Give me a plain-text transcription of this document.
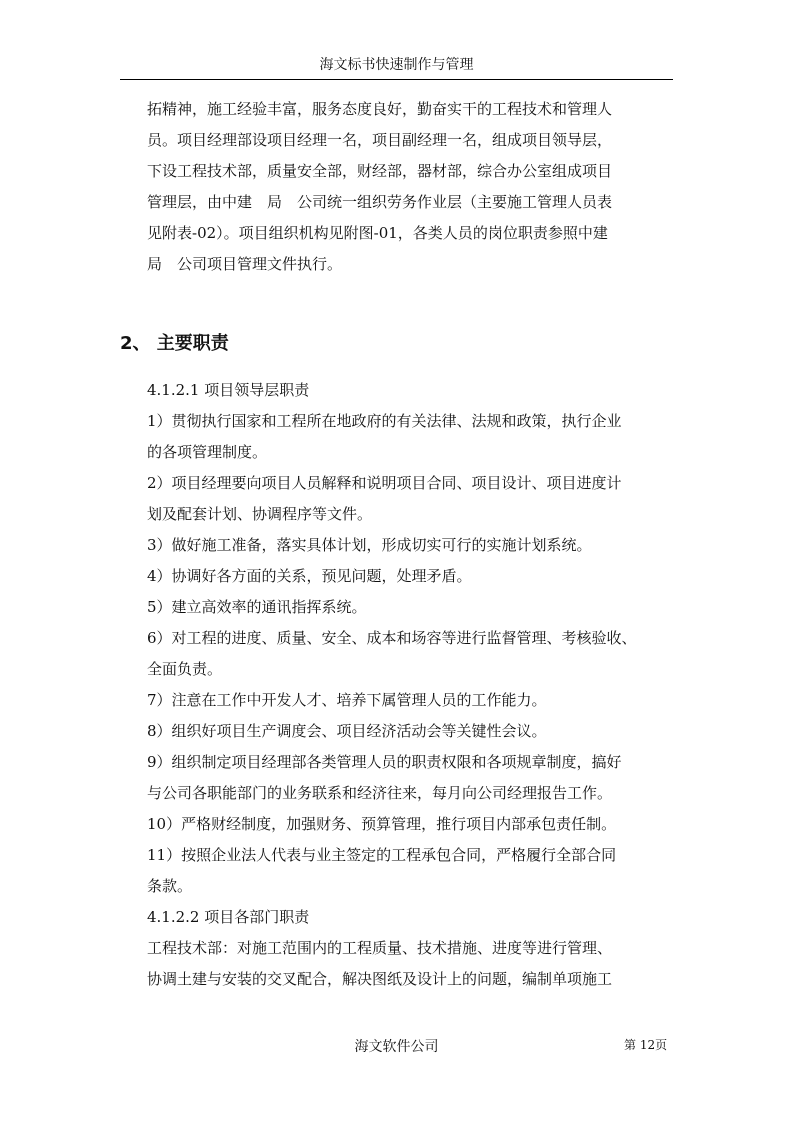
海文标书快速制作与管理

拓精神，施工经验丰富，服务态度良好，勤奋实干的工程技术和管理人

员。项目经理部设项目经理一名，项目副经理一名，组成项目领导层，

下设工程技术部，质量安全部，财经部，器材部，综合办公室组成项目

管理层，由中建　局　公司统一组织劳务作业层（主要施工管理人员表

见附表-02）。项目组织机构见附图-01，各类人员的岗位职责参照中建

局　公司项目管理文件执行。

2、 主要职责

4.1.2.1 项目领导层职责

1）贯彻执行国家和工程所在地政府的有关法律、法规和政策，执行企业

的各项管理制度。

2）项目经理要向项目人员解释和说明项目合同、项目设计、项目进度计

划及配套计划、协调程序等文件。

3）做好施工准备，落实具体计划，形成切实可行的实施计划系统。

4）协调好各方面的关系，预见问题，处理矛盾。

5）建立高效率的通讯指挥系统。

6）对工程的进度、质量、安全、成本和场容等进行监督管理、考核验收、

全面负责。

7）注意在工作中开发人才、培养下属管理人员的工作能力。

8）组织好项目生产调度会、项目经济活动会等关键性会议。

9）组织制定项目经理部各类管理人员的职责权限和各项规章制度，搞好

与公司各职能部门的业务联系和经济往来，每月向公司经理报告工作。

10）严格财经制度，加强财务、预算管理，推行项目内部承包责任制。

11）按照企业法人代表与业主签定的工程承包合同，严格履行全部合同

条款。

4.1.2.2 项目各部门职责

工程技术部：对施工范围内的工程质量、技术措施、进度等进行管理、

协调土建与安装的交叉配合，解决图纸及设计上的问题，编制单项施工

海文软件公司	第 12页
